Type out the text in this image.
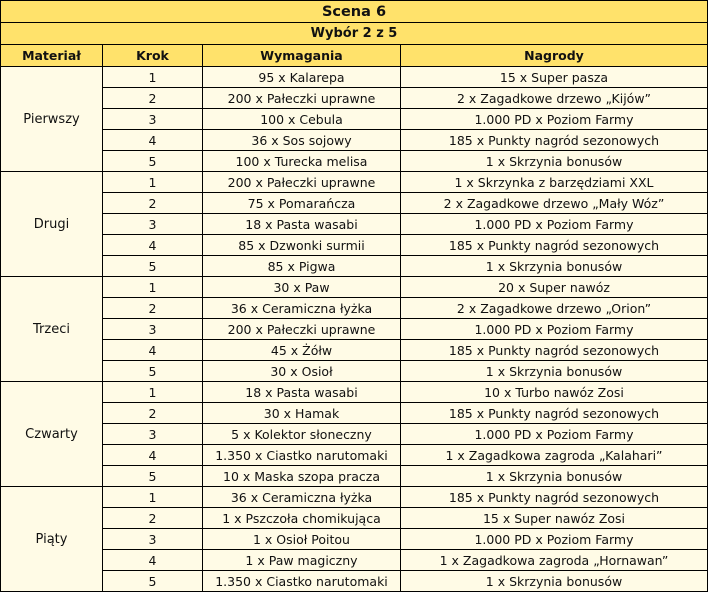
Scena 6			
Wybór 2 z 5			
Materiał	Krok	Wymagania	Nagrody
Pierwszy	1	95 x Kalarepa	15 x Super pasza
	2	200 x Pałeczki uprawne	2 x Zagadkowe drzewo „Kijów”
	3	100 x Cebula	1.000 PD x Poziom Farmy
	4	36 x Sos sojowy	185 x Punkty nagród sezonowych
	5	100 x Turecka melisa	1 x Skrzynia bonusów
Drugi	1	200 x Pałeczki uprawne	1 x Skrzynka z barzędziami XXL
	2	75 x Pomarańcza	2 x Zagadkowe drzewo „Mały Wóz”
	3	18 x Pasta wasabi	1.000 PD x Poziom Farmy
	4	85 x Dzwonki surmii	185 x Punkty nagród sezonowych
	5	85 x Pigwa	1 x Skrzynia bonusów
Trzeci	1	30 x Paw	20 x Super nawóz
	2	36 x Ceramiczna łyżka	2 x Zagadkowe drzewo „Orion”
	3	200 x Pałeczki uprawne	1.000 PD x Poziom Farmy
	4	45 x Żółw	185 x Punkty nagród sezonowych
	5	30 x Osioł	1 x Skrzynia bonusów
Czwarty	1	18 x Pasta wasabi	10 x Turbo nawóz Zosi
	2	30 x Hamak	185 x Punkty nagród sezonowych
	3	5 x Kolektor słoneczny	1.000 PD x Poziom Farmy
	4	1.350 x Ciastko narutomaki	1 x Zagadkowa zagroda „Kalahari”
	5	10 x Maska szopa pracza	1 x Skrzynia bonusów
Piąty	1	36 x Ceramiczna łyżka	185 x Punkty nagród sezonowych
	2	1 x Pszczoła chomikująca	15 x Super nawóz Zosi
	3	1 x Osioł Poitou	1.000 PD x Poziom Farmy
	4	1 x Paw magiczny	1 x Zagadkowa zagroda „Hornawan”
	5	1.350 x Ciastko narutomaki	1 x Skrzynia bonusów
